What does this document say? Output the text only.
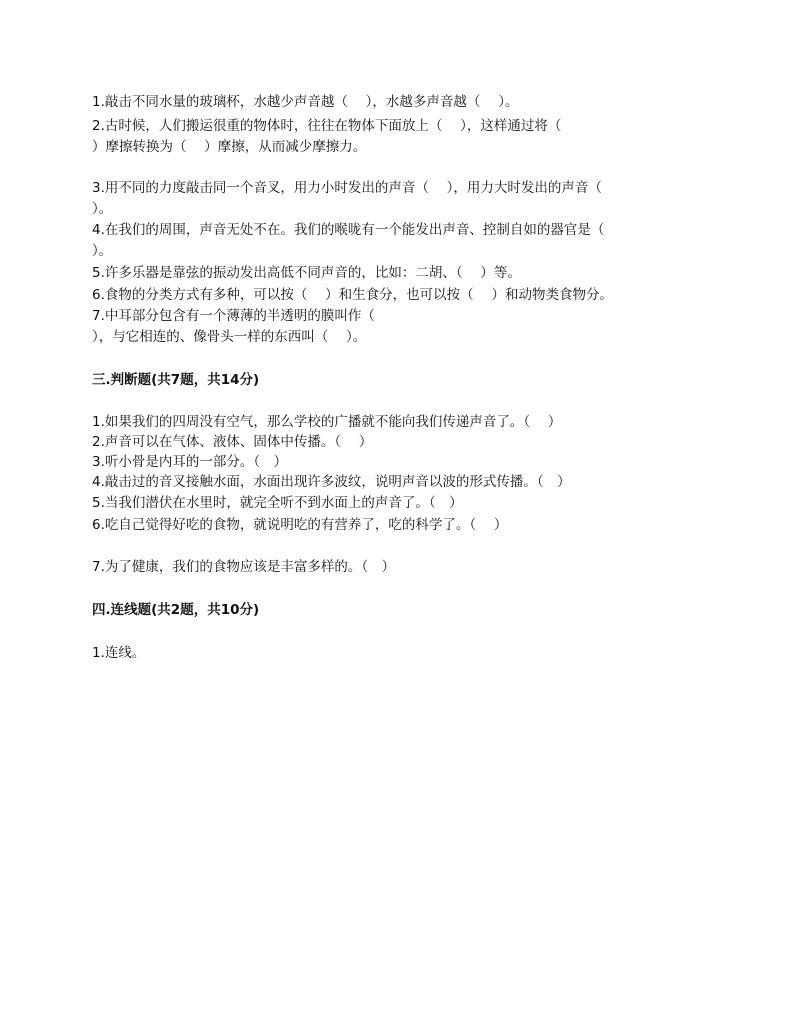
1.敲击不同水量的玻璃杯，水越少声音越（　 ），水越多声音越（　 ）。
2.古时候，人们搬运很重的物体时，往往在物体下面放上（　 ），这样通过将（
）摩擦转换为（　 ）摩擦，从而减少摩擦力。
3.用不同的力度敲击同一个音叉，用力小时发出的声音（　 ），用力大时发出的声音（
）。
4.在我们的周围，声音无处不在。我们的喉咙有一个能发出声音、控制自如的器官是（
）。
5.许多乐器是靠弦的振动发出高低不同声音的，比如：二胡、（　 ）等。
6.食物的分类方式有多种，可以按（　 ）和生食分，也可以按（　 ）和动物类食物分。
7.中耳部分包含有一个薄薄的半透明的膜叫作（
），与它相连的、像骨头一样的东西叫（　 ）。
三.判断题(共7题，共14分)
1.如果我们的四周没有空气，那么学校的广播就不能向我们传递声音了。（　 ）
2.声音可以在气体、液体、固体中传播。（　 ）
3.听小骨是内耳的一部分。（　）
4.敲击过的音叉接触水面，水面出现许多波纹，说明声音以波的形式传播。（　）
5.当我们潜伏在水里时，就完全听不到水面上的声音了。（　）
6.吃自己觉得好吃的食物，就说明吃的有营养了，吃的科学了。（　 ）
7.为了健康，我们的食物应该是丰富多样的。（　）
四.连线题(共2题，共10分)
1.连线。
